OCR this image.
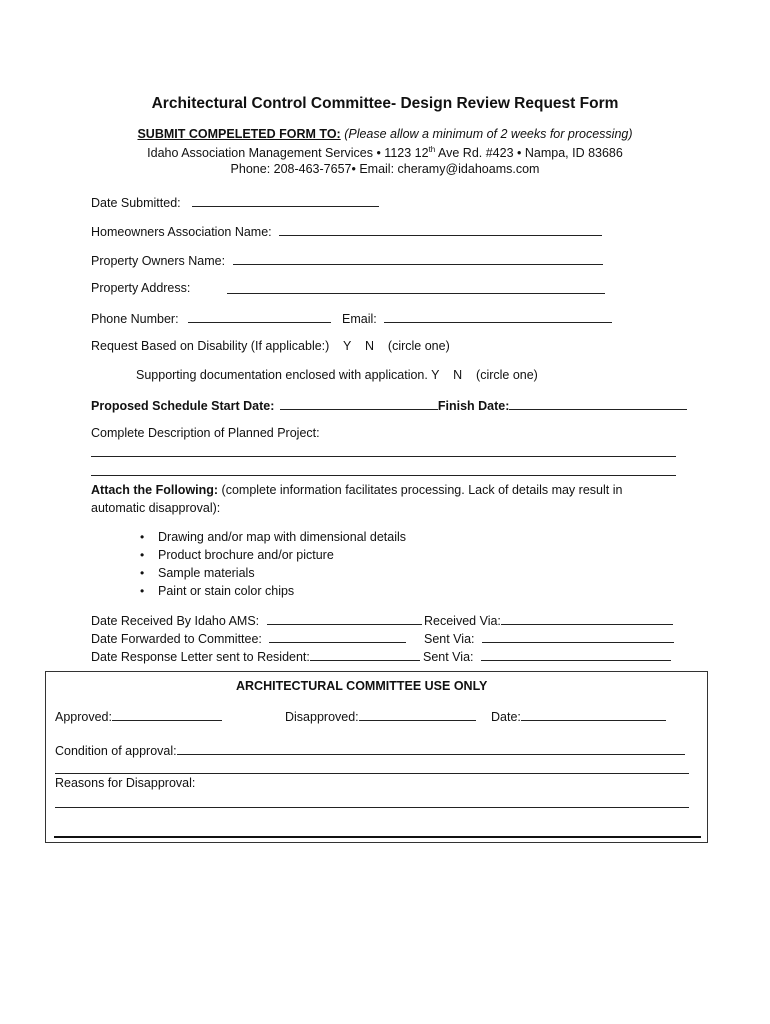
Architectural Control Committee- Design Review Request Form
SUBMIT COMPELETED FORM TO: (Please allow a minimum of 2 weeks for processing)
Idaho Association Management Services • 1123 12th Ave Rd. #423 • Nampa, ID 83686
Phone: 208-463-7657• Email: cheramy@idahoams.com
Date Submitted:
Homeowners Association Name:
Property Owners Name:
Property Address:
Phone Number:	Email:
Request Based on Disability (If applicable:)    Y    N    (circle one)
Supporting documentation enclosed with application. Y    N    (circle one)
Proposed Schedule Start Date:	Finish Date:
Complete Description of Planned Project:
Attach the Following: (complete information facilitates processing. Lack of details may result in
automatic disapproval):
• Drawing and/or map with dimensional details
• Product brochure and/or picture
• Sample materials
• Paint or stain color chips
Date Received By Idaho AMS:	Received Via:
Date Forwarded to Committee:	Sent Via:
Date Response Letter sent to Resident:	Sent Via:
ARCHITECTURAL COMMITTEE USE ONLY
Approved:	Disapproved:	Date:
Condition of approval:
Reasons for Disapproval:
